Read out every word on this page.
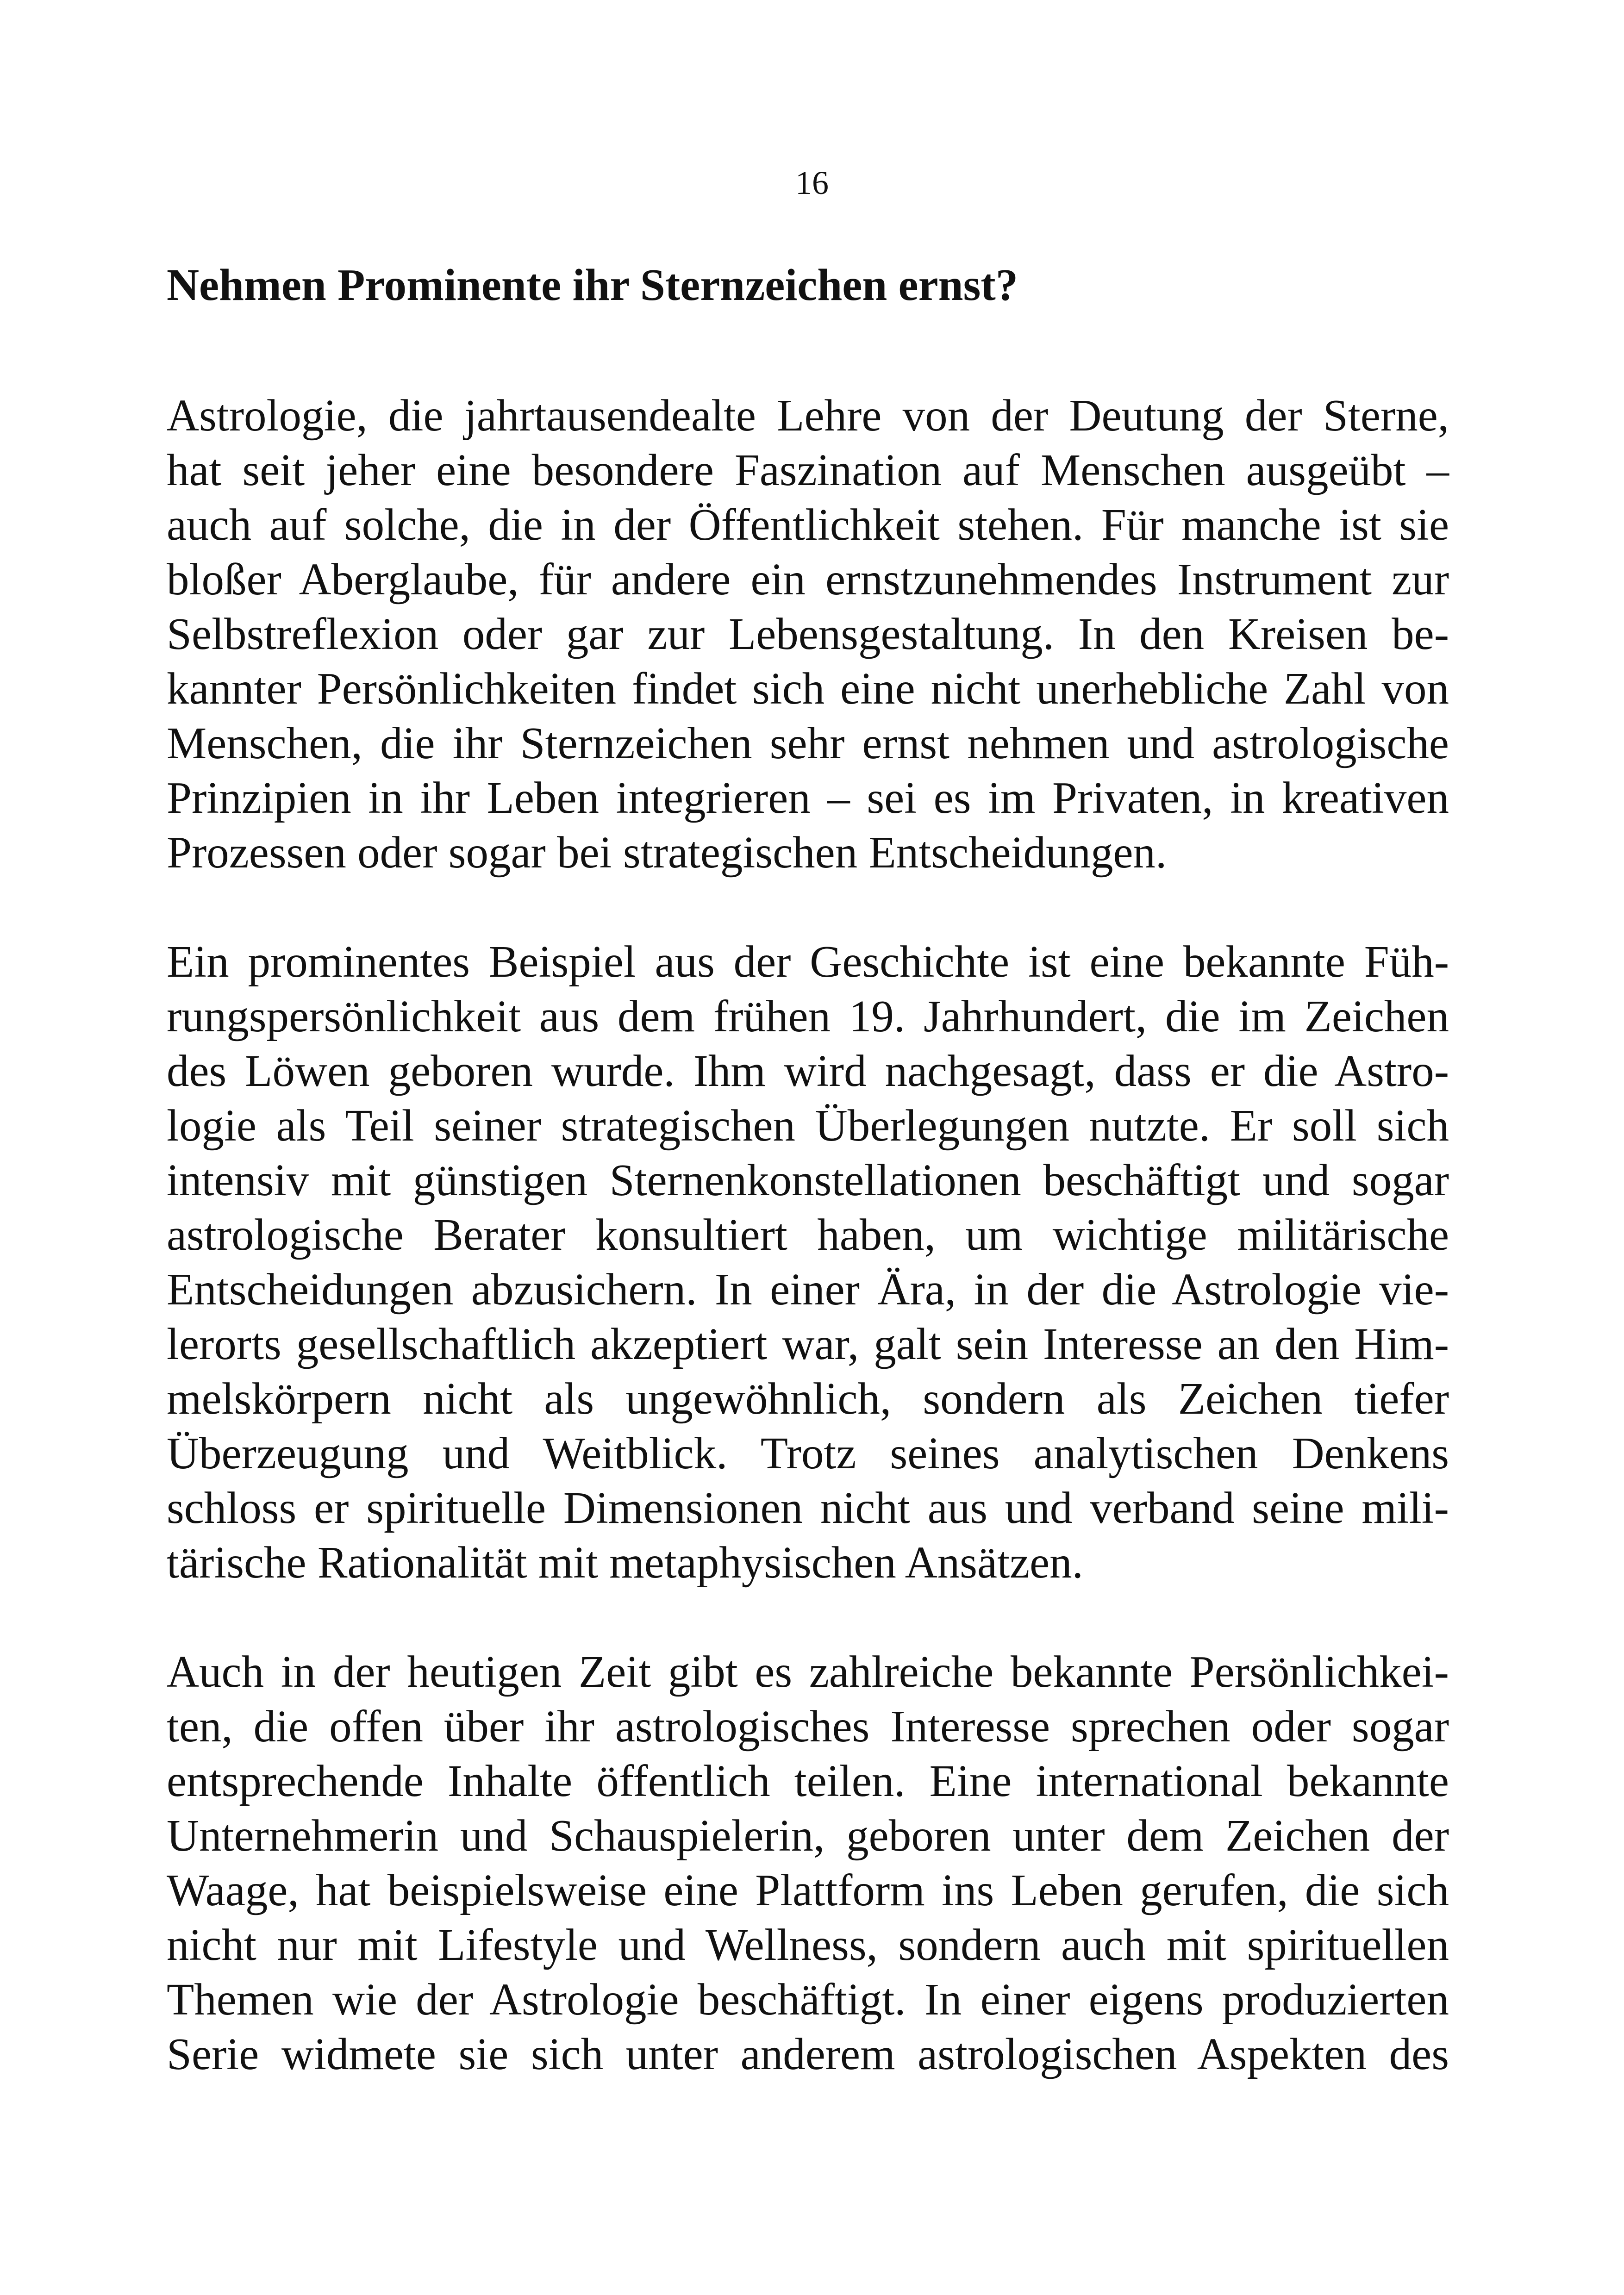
16
Nehmen Prominente ihr Sternzeichen ernst?

Astrologie, die jahrtausendealte Lehre von der Deutung der Sterne,
hat seit jeher eine besondere Faszination auf Menschen ausgeübt –
auch auf solche, die in der Öffentlichkeit stehen. Für manche ist sie
bloßer Aberglaube, für andere ein ernstzunehmendes Instrument zur
Selbstreflexion oder gar zur Lebensgestaltung. In den Kreisen be-
kannter Persönlichkeiten findet sich eine nicht unerhebliche Zahl von
Menschen, die ihr Sternzeichen sehr ernst nehmen und astrologische
Prinzipien in ihr Leben integrieren – sei es im Privaten, in kreativen
Prozessen oder sogar bei strategischen Entscheidungen.

Ein prominentes Beispiel aus der Geschichte ist eine bekannte Füh-
rungspersönlichkeit aus dem frühen 19. Jahrhundert, die im Zeichen
des Löwen geboren wurde. Ihm wird nachgesagt, dass er die Astro-
logie als Teil seiner strategischen Überlegungen nutzte. Er soll sich
intensiv mit günstigen Sternenkonstellationen beschäftigt und sogar
astrologische Berater konsultiert haben, um wichtige militärische
Entscheidungen abzusichern. In einer Ära, in der die Astrologie vie-
lerorts gesellschaftlich akzeptiert war, galt sein Interesse an den Him-
melskörpern nicht als ungewöhnlich, sondern als Zeichen tiefer
Überzeugung und Weitblick. Trotz seines analytischen Denkens
schloss er spirituelle Dimensionen nicht aus und verband seine mili-
tärische Rationalität mit metaphysischen Ansätzen.

Auch in der heutigen Zeit gibt es zahlreiche bekannte Persönlichkei-
ten, die offen über ihr astrologisches Interesse sprechen oder sogar
entsprechende Inhalte öffentlich teilen. Eine international bekannte
Unternehmerin und Schauspielerin, geboren unter dem Zeichen der
Waage, hat beispielsweise eine Plattform ins Leben gerufen, die sich
nicht nur mit Lifestyle und Wellness, sondern auch mit spirituellen
Themen wie der Astrologie beschäftigt. In einer eigens produzierten
Serie widmete sie sich unter anderem astrologischen Aspekten des
